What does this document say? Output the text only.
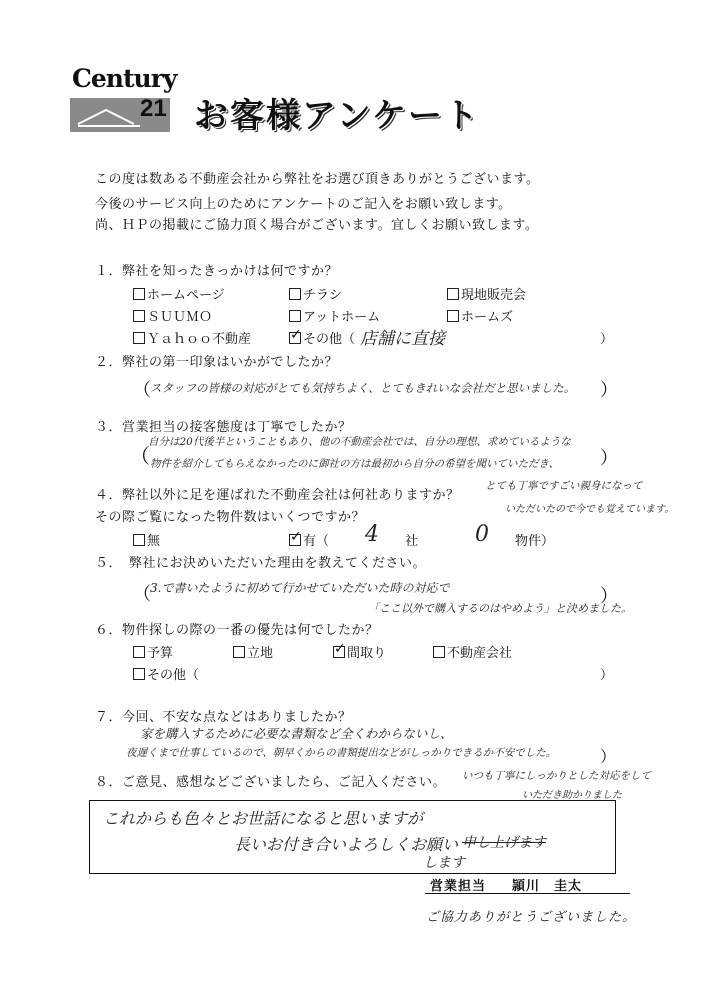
Century
21 お客様アンケート
この度は数ある不動産会社から弊社をお選び頂きありがとうございます。
今後のサービス向上のためにアンケートのご記入をお願い致します。
尚、ＨＰの掲載にご協力頂く場合がございます。宜しくお願い致します。
１．弊社を知ったきっかけは何ですか？
ホームページ	チラシ	現地販売会
ＳＵＵＭＯ	アットホーム	ホームズ
Ｙａｈｏｏ不動産 ✓	その他（ 店舗に直接	）
２．弊社の第一印象はいかがでしたか？
（ スタッフの皆様の対応がとても気持ちよく、とてもきれいな会社だと思いました。 ）
３．営業担当の接客態度は丁寧でしたか？
（
自分は20代後半ということもあり、他の不動産会社では、自分の理想、求めているような
物件を紹介してもらえなかったのに御社の方は最初から自分の希望を聞いていただき、 ）
４．弊社以外に足を運ばれた不動産会社は何社ありますか？
とても丁寧ですごい親身になって
いただいたので今でも覚えています。
その際ご覧になった物件数はいくつですか？
無 ✓	有（ 4 社	0 物件）
５．　弊社にお決めいただいた理由を教えてください。
（ 3.で書いたように初めて行かせていただいた時の対応で
「ここ以外で購入するのはやめよう」と決めました。
）
６．物件探しの際の一番の優先は何でしたか？
予算	立地 ✓	間取り	不動産会社
その他（	）
７．今回、不安な点などはありましたか？
家を購入するために必要な書類など全くわからないし、
夜遅くまで仕事しているので、朝早くからの書類提出などがしっかりできるか不安でした。	）
８．ご意見、感想などございましたら、ご記入ください。 いつも丁寧にしっかりとした対応をして
いただき助かりました
これからも色々とお世話になると思いますが
長いお付き合いよろしくお願い 申し上げます
します
営業担当 頴川　圭太
ご協力ありがとうございました。
